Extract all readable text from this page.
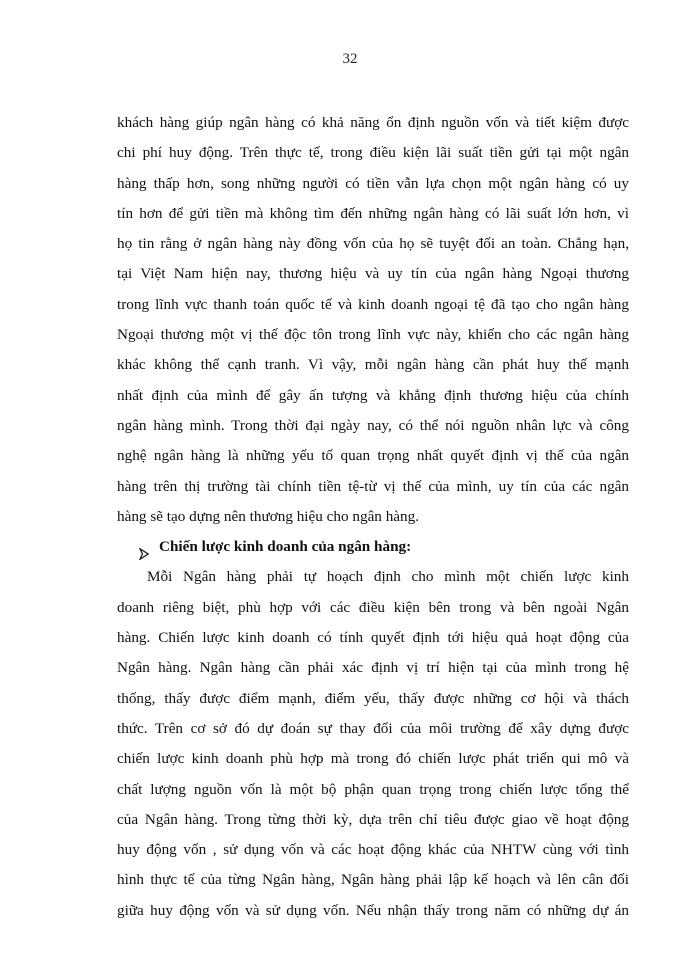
32
khách hàng giúp ngân hàng có khả năng ổn định nguồn vốn và tiết kiệm được
chi phí huy động. Trên thực tế, trong điều kiện lãi suất tiền gửi tại một ngân
hàng thấp hơn, song những người có tiền vẫn lựa chọn một ngân hàng có uy
tín hơn để gửi tiền mà không tìm đến những ngân hàng có lãi suất lớn hơn, vì
họ tin rằng ở ngân hàng này đồng vốn của họ sẽ tuyệt đối an toàn. Chẳng hạn,
tại Việt Nam hiện nay, thương hiệu và uy tín của ngân hàng Ngoại thương
trong lĩnh vực thanh toán quốc tế và kinh doanh ngoại tệ đã tạo cho ngân hàng
Ngoại thương một vị thế độc tôn trong lĩnh vực này, khiến cho các ngân hàng
khác không thể cạnh tranh. Vì vậy, mỗi ngân hàng cần phát huy thế mạnh
nhất định của mình để gây ấn tượng và khẳng định thương hiệu của chính
ngân hàng mình. Trong thời đại ngày nay, có thể nói nguồn nhân lực và công
nghệ ngân hàng là những yếu tố quan trọng nhất quyết định vị thế của ngân
hàng trên thị trường tài chính tiền tệ-từ vị thế của mình, uy tín của các ngân
hàng sẽ tạo dựng nên thương hiệu cho ngân hàng.
Chiến lược kinh doanh của ngân hàng:
Mỗi Ngân hàng phải tự hoạch định cho mình một chiến lược kinh
doanh riêng biệt, phù hợp với các điều kiện bên trong và bên ngoài Ngân
hàng. Chiến lược kinh doanh có tính quyết định tới hiệu quả hoạt động của
Ngân hàng. Ngân hàng cần phải xác định vị trí hiện tại của mình trong hệ
thống, thấy được điểm mạnh, điểm yếu, thấy được những cơ hội và thách
thức. Trên cơ sở đó dự đoán sự thay đổi của môi trường để xây dựng được
chiến lược kinh doanh phù hợp mà trong đó chiến lược phát triển qui mô và
chất lượng nguồn vốn là một bộ phận quan trọng trong chiến lược tổng thể
của Ngân hàng. Trong từng thời kỳ, dựa trên chỉ tiêu được giao về hoạt động
huy động vốn , sử dụng vốn và các hoạt động khác của NHTW cùng với tình
hình thực tế của từng Ngân hàng, Ngân hàng phải lập kế hoạch và lên cân đối
giữa huy động vốn và sử dụng vốn. Nếu nhận thấy trong năm có những dự án
